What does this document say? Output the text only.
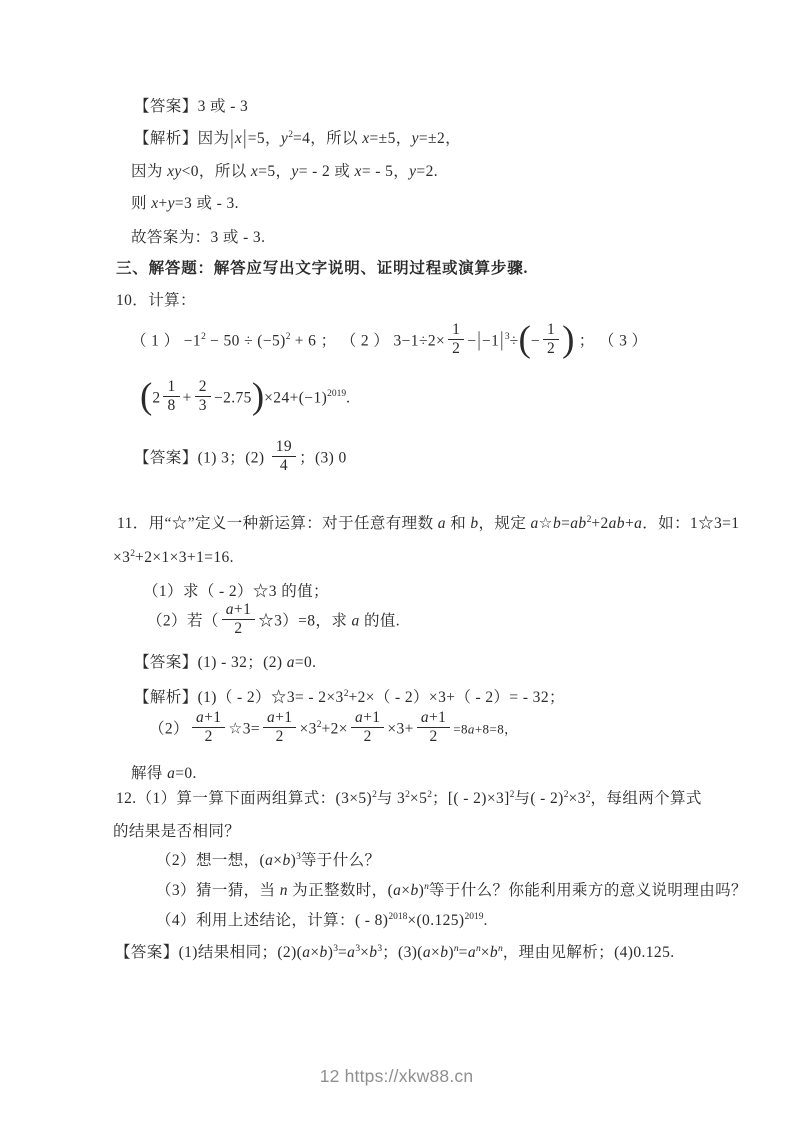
【答案】3 或 - 3
【解析】因为|x|=5，$y^2=4$，所以 x=±5，y=±2，
因为 xy<0，所以 x=5，y= - 2 或 x= - 5，y=2.
则 x+y=3 或 - 3.
故答案为：3 或 - 3.
三、解答题：解答应写出文字说明、证明过程或演算步骤.
10．计算：
（ 1 ） $-1^2 - 50 \div (-5)^2 + 6$ ； （ 2 ） $3-1\div 2\times \frac{1}{2} -|-1|^3\div(- \frac{1}{2}$ ) ； （ 3 ）
$(2 \frac{1}{8} + \frac{2}{3} -2.75)\times 24+(-1)^{2019}$.
【答案】(1) 3；$(2) \frac{19}{4}$ ；(3) 0
11．用“☆”定义一种新运算：对于任意有理数 a 和 b，规定 $a☆b=ab^2+2ab+a$．如：1☆3=1
$\times 3^2+2\times 1\times 3+1=16$.
（1）求（ - 2）☆3 的值；
（2）若（ $\frac{a+1}{2}$ ☆3）=8，求 a 的值.
【答案】(1) - 32；(2) a=0.
【解析】(1)（ - 2）☆3= - $2\times 3^2+2\times( - 2)\times 3+( - 2)= - 32$；
$(2) \frac{a+1}{2}$ ☆3= $\frac{a+1}{2} \times 3^2+2\times \frac{a+1}{2} \times 3+ \frac{a+1}{2} =8a+8=8$，
解得 a=0.
12.（1）算一算下面两组算式：$(3\times 5)^2$与 $3^2\times 5^2$；[( - 2)×3]$^2$与( - $2)^2\times 3^2$，每组两个算式
的结果是否相同？
（2）想一想，$(a\times b)^3$等于什么？
（3）猜一猜，当 n 为正整数时，$(a\times b)^n$等于什么？你能利用乘方的意义说明理由吗？
（4）利用上述结论，计算：( - $8)^{2018}\times(0.125)^{2019}$.
【答案】(1)结果相同；$(2)(a\times b)^3=a^3\times b^3$；$(3)(a\times b)^n=a^n\times b^n$，理由见解析；(4)0.125.
12 https://xkw88.cn
